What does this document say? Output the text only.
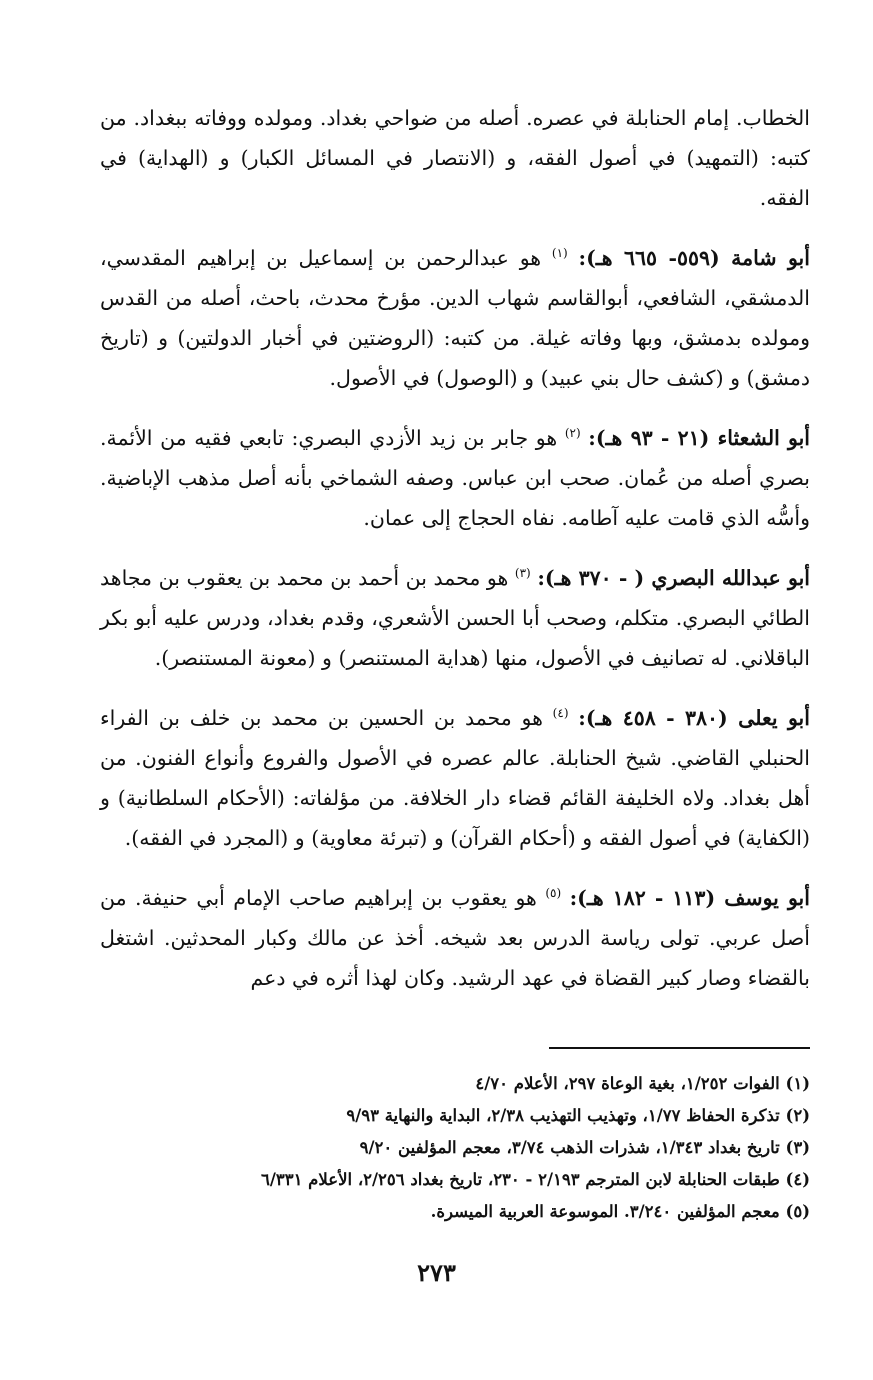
الخطاب. إمام الحنابلة في عصره. أصله من ضواحي بغداد. ومولده ووفاته ببغداد. من كتبه: (التمهيد) في أصول الفقه، و (الانتصار في المسائل الكبار) و (الهداية) في الفقه.

أبو شامة (٥٥٩- ٦٦٥ هـ): $^{(١)}$ هو عبدالرحمن بن إسماعيل بن إبراهيم المقدسي، الدمشقي، الشافعي، أبوالقاسم شهاب الدين. مؤرخ محدث، باحث، أصله من القدس ومولده بدمشق، وبها وفاته غيلة. من كتبه: (الروضتين في أخبار الدولتين) و (تاريخ دمشق) و (كشف حال بني عبيد) و (الوصول) في الأصول.

أبو الشعثاء (٢١ - ٩٣ هـ): $^{(٢)}$ هو جابر بن زيد الأزدي البصري: تابعي فقيه من الأئمة. بصري أصله من عُمان. صحب ابن عباس. وصفه الشماخي بأنه أصل مذهب الإباضية. وأسُّه الذي قامت عليه آطامه. نفاه الحجاج إلى عمان.

أبو عبدالله البصري ( - ٣٧٠ هـ): $^{(٣)}$ هو محمد بن أحمد بن محمد بن يعقوب بن مجاهد الطائي البصري. متكلم، وصحب أبا الحسن الأشعري، وقدم بغداد، ودرس عليه أبو بكر الباقلاني. له تصانيف في الأصول، منها (هداية المستنصر) و (معونة المستنصر).

أبو يعلى (٣٨٠ - ٤٥٨ هـ): $^{(٤)}$ هو محمد بن الحسين بن محمد بن خلف بن الفراء الحنبلي القاضي. شيخ الحنابلة. عالم عصره في الأصول والفروع وأنواع الفنون. من أهل بغداد. ولاه الخليفة القائم قضاء دار الخلافة. من مؤلفاته: (الأحكام السلطانية) و (الكفاية) في أصول الفقه و (أحكام القرآن) و (تبرئة معاوية) و (المجرد في الفقه).

أبو يوسف (١١٣ - ١٨٢ هـ): $^{(٥)}$ هو يعقوب بن إبراهيم صاحب الإمام أبي حنيفة. من أصل عربي. تولى رياسة الدرس بعد شيخه. أخذ عن مالك وكبار المحدثين. اشتغل بالقضاء وصار كبير القضاة في عهد الرشيد. وكان لهذا أثره في دعم

(١) الفوات ١/٢٥٢، بغية الوعاة ٢٩٧، الأعلام ٤/٧٠
(٢) تذكرة الحفاظ ١/٧٧، وتهذيب التهذيب ٢/٣٨، البداية والنهاية ٩/٩٣
(٣) تاريخ بغداد ١/٣٤٣، شذرات الذهب ٣/٧٤، معجم المؤلفين ٩/٢٠
(٤) طبقات الحنابلة لابن المترجم ٢/١٩٣ - ٢٣٠، تاريخ بغداد ٢/٢٥٦، الأعلام ٦/٣٣١
(٥) معجم المؤلفين ٣/٢٤٠. الموسوعة العربية الميسرة.
٢٧٣
